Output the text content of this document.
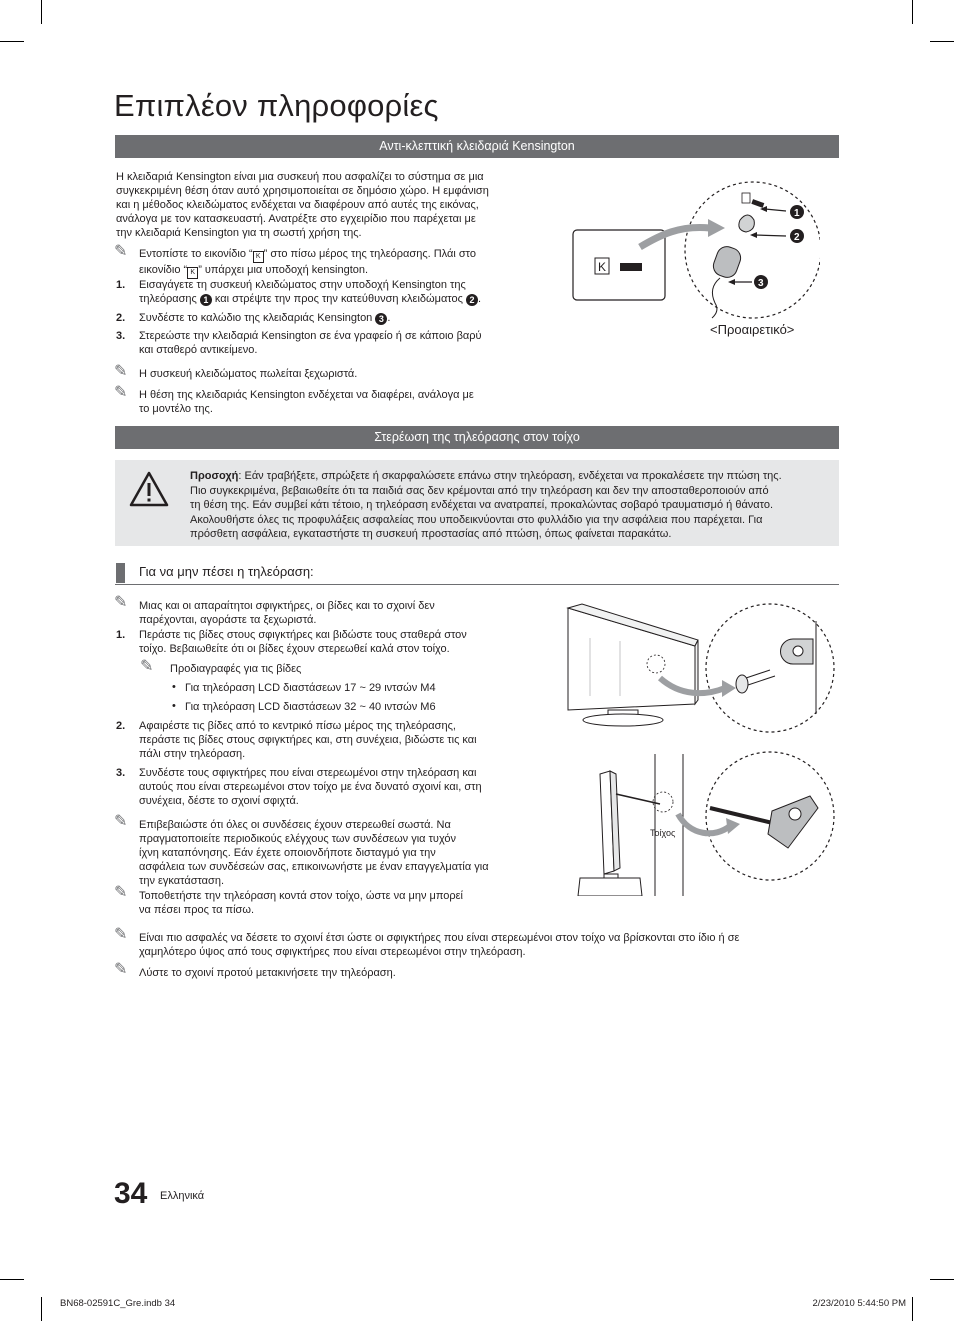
Επιπλέον πληροφορίες
Αντι-κλεπτική κλειδαριά Kensington
Η κλειδαριά Kensington είναι μια συσκευή που ασφαλίζει το σύστημα σε μια
συγκεκριμένη θέση όταν αυτό χρησιμοποιείται σε δημόσιο χώρο. Η εμφάνιση
και η μέθοδος κλειδώματος ενδέχεται να διαφέρουν από αυτές της εικόνας,
ανάλογα με τον κατασκευαστή. Ανατρέξτε στο εγχειρίδιο που παρέχεται με
την κλειδαριά Kensington για τη σωστή χρήση της.
✎ Εντοπίστε το εικονίδιο “ K ” στο πίσω μέρος της τηλεόρασης. Πλάι στο
εικονίδιο “ K ” υπάρχει μια υποδοχή kensington.
1. Εισαγάγετε τη συσκευή κλειδώματος στην υποδοχή Kensington της
τηλεόρασης 1 και στρέψτε την προς την κατεύθυνση κλειδώματος 2 .
2. Συνδέστε το καλώδιο της κλειδαριάς Kensington 3 .
3. Στερεώστε την κλειδαριά Kensington σε ένα γραφείο ή σε κάποιο βαρύ
και σταθερό αντικείμενο.
✎ Η συσκευή κλειδώματος πωλείται ξεχωριστά.
✎ Η θέση της κλειδαριάς Kensington ενδέχεται να διαφέρει, ανάλογα με
το μοντέλο της.
K
1
2
3
<Προαιρετικό>
Στερέωση της τηλεόρασης στον τοίχο
Προσοχή: Εάν τραβήξετε, σπρώξετε ή σκαρφαλώσετε επάνω στην τηλεόραση, ενδέχεται να προκαλέσετε την πτώση της.
Πιο συγκεκριμένα, βεβαιωθείτε ότι τα παιδιά σας δεν κρέμονται από την τηλεόραση και δεν την αποσταθεροποιούν από
τη θέση της. Εάν συμβεί κάτι τέτοιο, η τηλεόραση ενδέχεται να ανατραπεί, προκαλώντας σοβαρό τραυματισμό ή θάνατο.
Ακολουθήστε όλες τις προφυλάξεις ασφαλείας που υποδεικνύονται στο φυλλάδιο για την ασφάλεια που παρέχεται. Για
πρόσθετη ασφάλεια, εγκαταστήστε τη συσκευή προστασίας από πτώση, όπως φαίνεται παρακάτω.
Για να μην πέσει η τηλεόραση:
✎ Μιας και οι απαραίτητοι σφιγκτήρες, οι βίδες και το σχοινί δεν
παρέχονται, αγοράστε τα ξεχωριστά.
1. Περάστε τις βίδες στους σφιγκτήρες και βιδώστε τους σταθερά στον
τοίχο. Βεβαιωθείτε ότι οι βίδες έχουν στερεωθεί καλά στον τοίχο.
✎ Προδιαγραφές για τις βίδες
• Για τηλεόραση LCD διαστάσεων 17 ~ 29 ιντσών M4
• Για τηλεόραση LCD διαστάσεων 32 ~ 40 ιντσών M6
2. Αφαιρέστε τις βίδες από το κεντρικό πίσω μέρος της τηλεόρασης,
περάστε τις βίδες στους σφιγκτήρες και, στη συνέχεια, βιδώστε τις και
πάλι στην τηλεόραση.
3. Συνδέστε τους σφιγκτήρες που είναι στερεωμένοι στην τηλεόραση και
αυτούς που είναι στερεωμένοι στον τοίχο με ένα δυνατό σχοινί και, στη
συνέχεια, δέστε το σχοινί σφιχτά.
✎ Επιβεβαιώστε ότι όλες οι συνδέσεις έχουν στερεωθεί σωστά. Να
πραγματοποιείτε περιοδικούς ελέγχους των συνδέσεων για τυχόν
ίχνη καταπόνησης. Εάν έχετε οποιονδήποτε δισταγμό για την
ασφάλεια των συνδέσεών σας, επικοινωνήστε με έναν επαγγελματία για
την εγκατάσταση.
✎ Τοποθετήστε την τηλεόραση κοντά στον τοίχο, ώστε να μην μπορεί
να πέσει προς τα πίσω.
✎ Είναι πιο ασφαλές να δέσετε το σχοινί έτσι ώστε οι σφιγκτήρες που είναι στερεωμένοι στον τοίχο να βρίσκονται στο ίδιο ή σε
χαμηλότερο ύψος από τους σφιγκτήρες που είναι στερεωμένοι στην τηλεόραση.
✎ Λύστε το σχοινί προτού μετακινήσετε την τηλεόραση.
Τοίχος
34 Ελληνικά
BN68-02591C_Gre.indb 34	2/23/2010 5:44:50 PM
